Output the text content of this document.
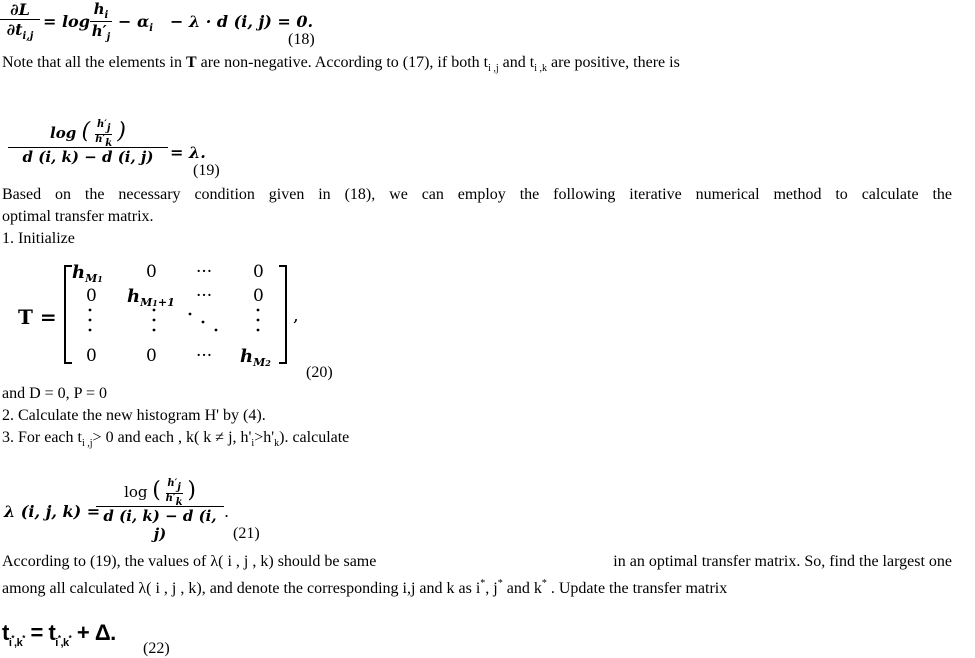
∂L
$\partial t_{i,j}$
= log
$h_i$
$h'_j$
− $\alpha_i - \lambda \cdot d$ (i, j) = 0.
(18)
Note that all the elements in T are non-negative. According to (17), if both $t_{i ,j}$ and $t_{i ,k}$ are positive, there is
log ( $\frac{h'j}{h'k}$ )
d (i, k) − d (i, j)	= λ.
(19)
Based on the necessary condition given in (18), we can employ the following iterative numerical method to calculate the
optimal transfer matrix.
1. Initialize
T =
$h_{M1}$	0 ··· 0
0 $h_{M1+1}$ ··· 0
0	0 ··· $h_{M2}$
,
(20)
and D = 0, P = 0
2. Calculate the new histogram H' by (4).
3. For each $t_{i ,j}> 0$ and each , k( k ≠ j, $h'_i>h'_k$). calculate
λ (i, j, k) =
log ( $\frac{h'j}{h'k}$ )
d (i, k) − d (i, j)
.
(21)
According to (19), the values of λ( i , j , k) should be same	in an optimal transfer matrix. So, find the largest one
among all calculated λ( i , j , k), and denote the corresponding i,j and k as i*, j* and k* . Update the transfer matrix
$t_{i^*,k^*} = t_{i^*,k^*} + \Delta$.
(22)
